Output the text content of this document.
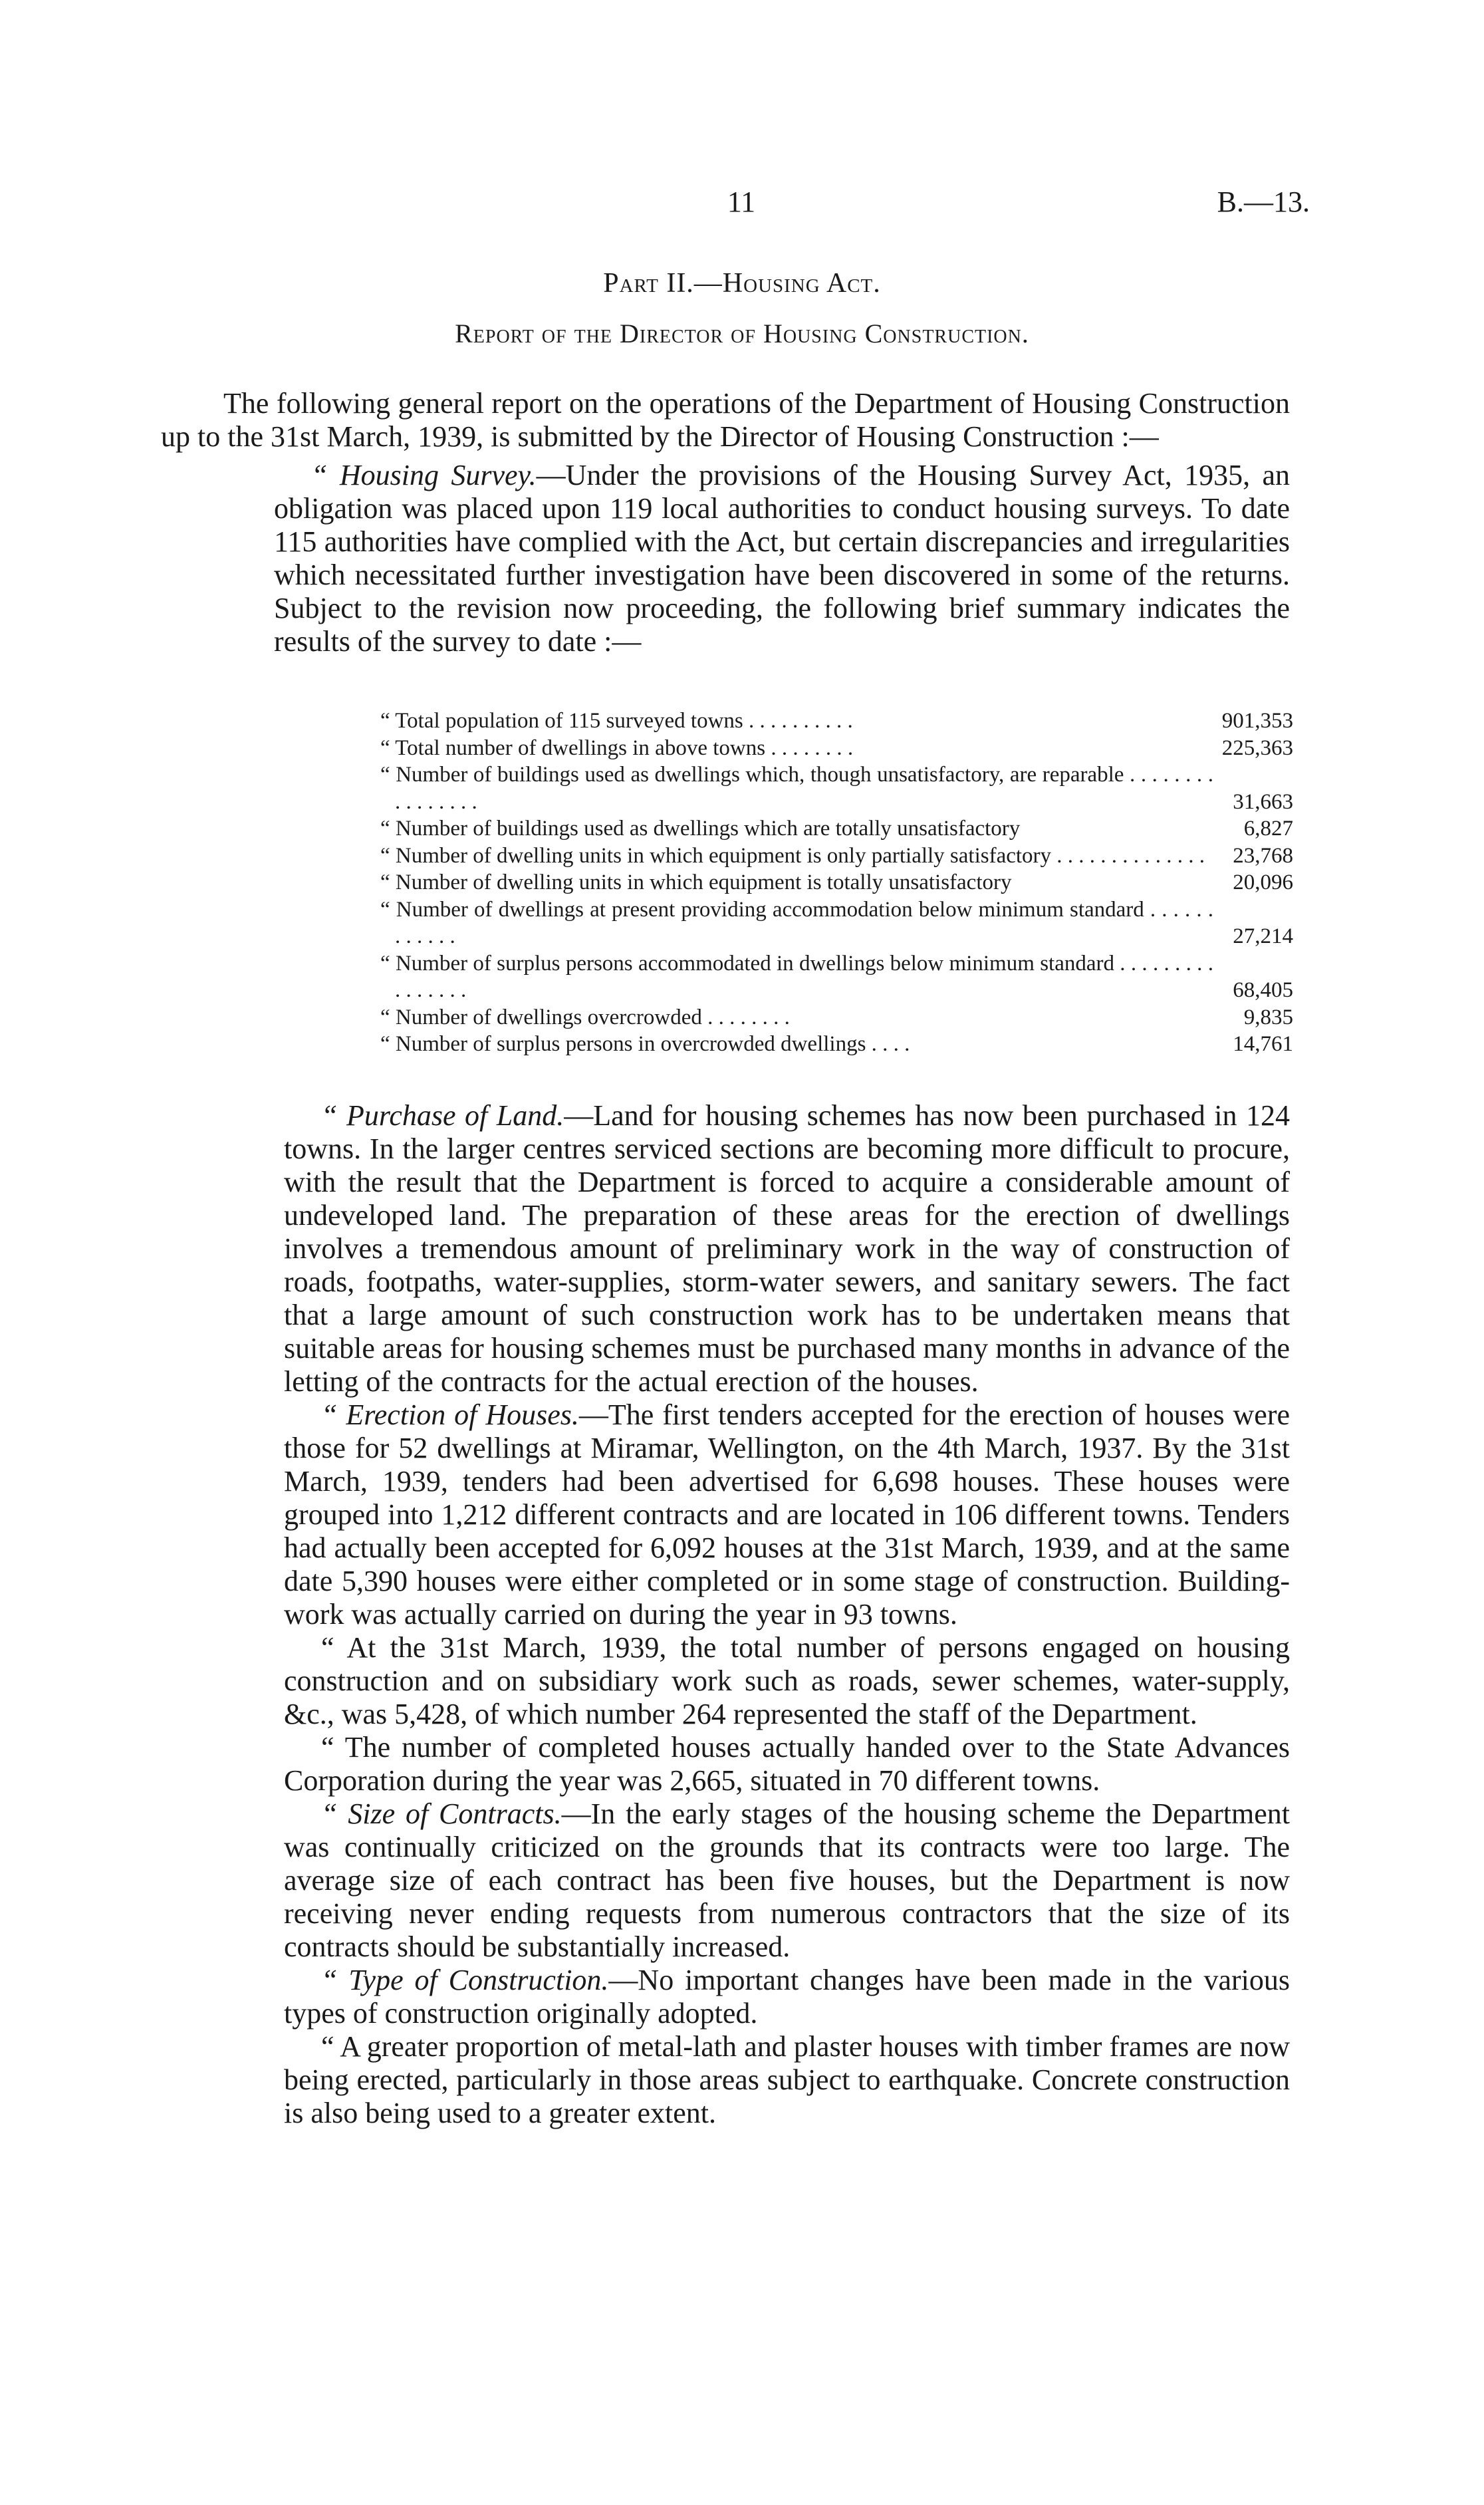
11	B.—13.
Part II.—Housing Act.
Report of the Director of Housing Construction.

The following general report on the operations of the Department of Housing Construction up to the 31st March, 1939, is submitted by the Director of Housing Construction :—

“ Housing Survey.—Under the provisions of the Housing Survey Act, 1935, an obligation was placed upon 119 local authorities to conduct housing surveys. To date 115 authorities have complied with the Act, but certain discrepancies and irregularities which necessitated further investigation have been discovered in some of the returns. Subject to the revision now proceeding, the following brief summary indicates the results of the survey to date :—

“ Total population of 115 surveyed towns . . . . . . . . . .	901,353
“ Total number of dwellings in above towns . . . . . . . .	225,363
“ Number of buildings used as dwellings which, though unsatisfactory, are reparable . . . . . . . . . . . . . . . .	31,663
“ Number of buildings used as dwellings which are totally unsatisfactory	6,827
“ Number of dwelling units in which equipment is only partially satisfactory . . . . . . . . . . . . . .	23,768
“ Number of dwelling units in which equipment is totally unsatisfactory	20,096
“ Number of dwellings at present providing accommodation below minimum standard . . . . . . . . . . . .	27,214
“ Number of surplus persons accommodated in dwellings below minimum standard . . . . . . . . . . . . . . . .	68,405
“ Number of dwellings overcrowded . . . . . . . .	9,835
“ Number of surplus persons in overcrowded dwellings . . . .	14,761

“ Purchase of Land.—Land for housing schemes has now been purchased in 124 towns. In the larger centres serviced sections are becoming more difficult to procure, with the result that the Department is forced to acquire a considerable amount of undeveloped land. The preparation of these areas for the erection of dwellings involves a tremendous amount of preliminary work in the way of construction of roads, footpaths, water-supplies, storm-water sewers, and sanitary sewers. The fact that a large amount of such construction work has to be undertaken means that suitable areas for housing schemes must be purchased many months in advance of the letting of the contracts for the actual erection of the houses.

“ Erection of Houses.—The first tenders accepted for the erection of houses were those for 52 dwellings at Miramar, Wellington, on the 4th March, 1937. By the 31st March, 1939, tenders had been advertised for 6,698 houses. These houses were grouped into 1,212 different contracts and are located in 106 different towns. Tenders had actually been accepted for 6,092 houses at the 31st March, 1939, and at the same date 5,390 houses were either completed or in some stage of construction. Building-work was actually carried on during the year in 93 towns.

“ At the 31st March, 1939, the total number of persons engaged on housing construction and on subsidiary work such as roads, sewer schemes, water-supply, &c., was 5,428, of which number 264 represented the staff of the Department.

“ The number of completed houses actually handed over to the State Advances Corporation during the year was 2,665, situated in 70 different towns.

“ Size of Contracts.—In the early stages of the housing scheme the Department was continually criticized on the grounds that its contracts were too large. The average size of each contract has been five houses, but the Department is now receiving never ending requests from numerous contractors that the size of its contracts should be substantially increased.

“ Type of Construction.—No important changes have been made in the various types of construction originally adopted.

“ A greater proportion of metal-lath and plaster houses with timber frames are now being erected, particularly in those areas subject to earthquake. Concrete construction is also being used to a greater extent.
